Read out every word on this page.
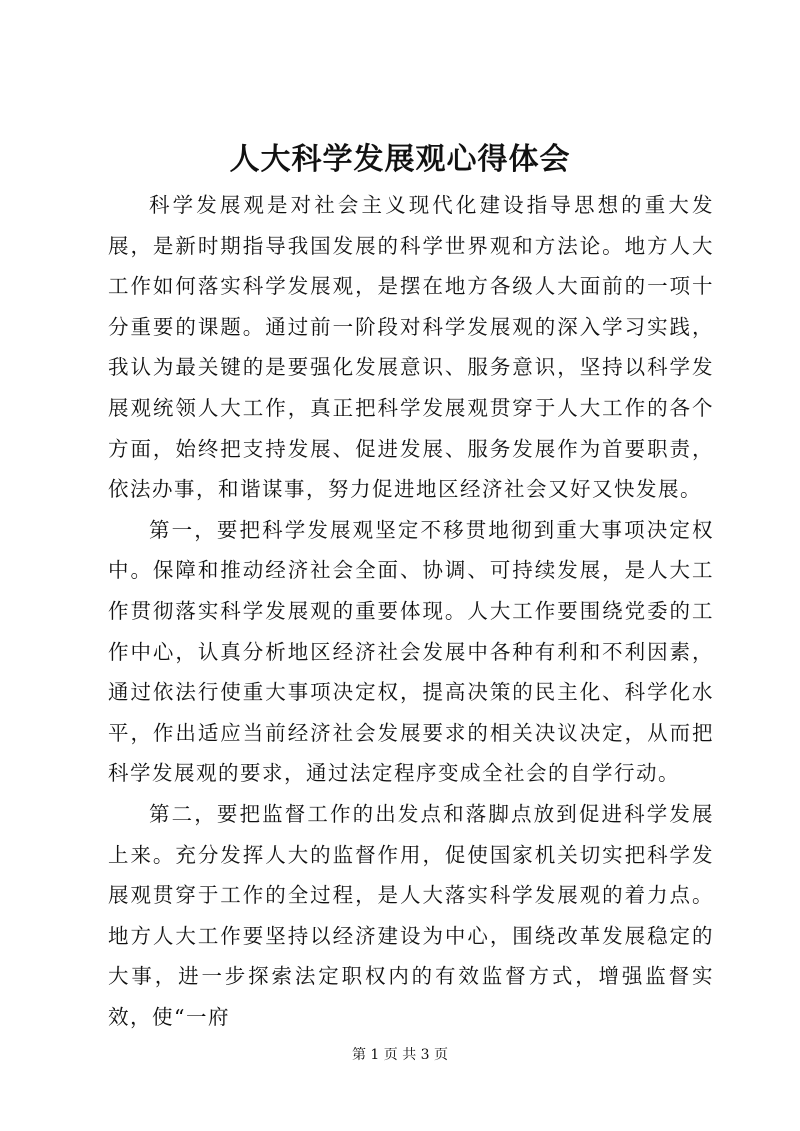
人大科学发展观心得体会

科学发展观是对社会主义现代化建设指导思想的重大发展，是新时期指导我国发展的科学世界观和方法论。地方人大工作如何落实科学发展观，是摆在地方各级人大面前的一项十分重要的课题。通过前一阶段对科学发展观的深入学习实践，我认为最关键的是要强化发展意识、服务意识，坚持以科学发展观统领人大工作，真正把科学发展观贯穿于人大工作的各个方面，始终把支持发展、促进发展、服务发展作为首要职责，依法办事，和谐谋事，努力促进地区经济社会又好又快发展。

第一，要把科学发展观坚定不移贯地彻到重大事项决定权中。保障和推动经济社会全面、协调、可持续发展，是人大工作贯彻落实科学发展观的重要体现。人大工作要围绕党委的工作中心，认真分析地区经济社会发展中各种有利和不利因素，通过依法行使重大事项决定权，提高决策的民主化、科学化水平，作出适应当前经济社会发展要求的相关决议决定，从而把科学发展观的要求，通过法定程序变成全社会的自学行动。

第二，要把监督工作的出发点和落脚点放到促进科学发展上来。充分发挥人大的监督作用，促使国家机关切实把科学发展观贯穿于工作的全过程，是人大落实科学发展观的着力点。地方人大工作要坚持以经济建设为中心，围绕改革发展稳定的大事，进一步探索法定职权内的有效监督方式，增强监督实效，使“一府

第 1 页 共 3 页
